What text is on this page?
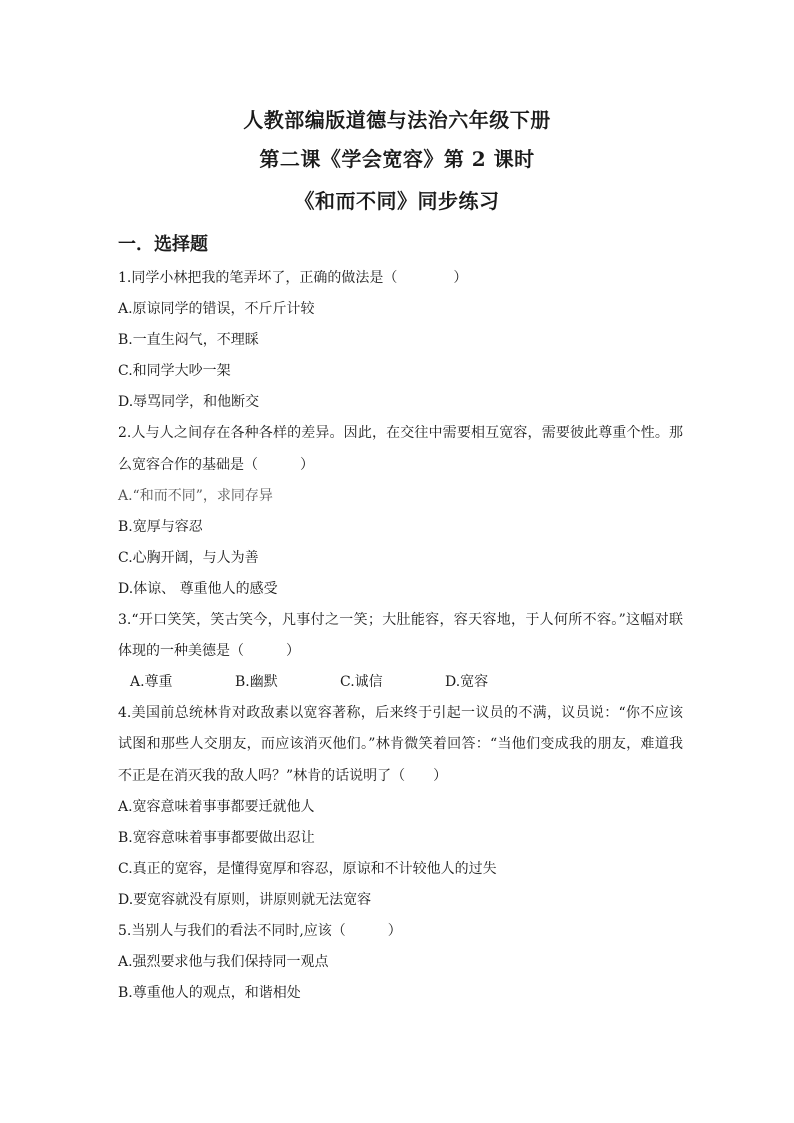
人教部编版道德与法治六年级下册
第二课《学会宽容》第 2 课时
《和而不同》同步练习
一．选择题
1.同学小林把我的笔弄坏了，正确的做法是（　　　　）
A.原谅同学的错误，不斤斤计较
B.一直生闷气，不理睬
C.和同学大吵一架
D.辱骂同学，和他断交
2.人与人之间存在各种各样的差异。因此，在交往中需要相互宽容，需要彼此尊重个性。那么宽容合作的基础是（　　　）
A.“和而不同”，求同存异
B.宽厚与容忍
C.心胸开阔，与人为善
D.体谅、 尊重他人的感受
3.“开口笑笑，笑古笑今，凡事付之一笑；大肚能容，容天容地，于人何所不容。”这幅对联体现的一种美德是（　　　）
A.尊重	B.幽默	C.诚信	D.宽容
4.美国前总统林肯对政敌素以宽容著称，后来终于引起一议员的不满，议员说：“你不应该试图和那些人交朋友，而应该消灭他们。”林肯微笑着回答：“当他们变成我的朋友，难道我不正是在消灭我的敌人吗？”林肯的话说明了（　　）
A.宽容意味着事事都要迁就他人
B.宽容意味着事事都要做出忍让
C.真正的宽容，是懂得宽厚和容忍，原谅和不计较他人的过失
D.要宽容就没有原则，讲原则就无法宽容
5.当别人与我们的看法不同时,应该（　　　）
A.强烈要求他与我们保持同一观点
B.尊重他人的观点，和谐相处
